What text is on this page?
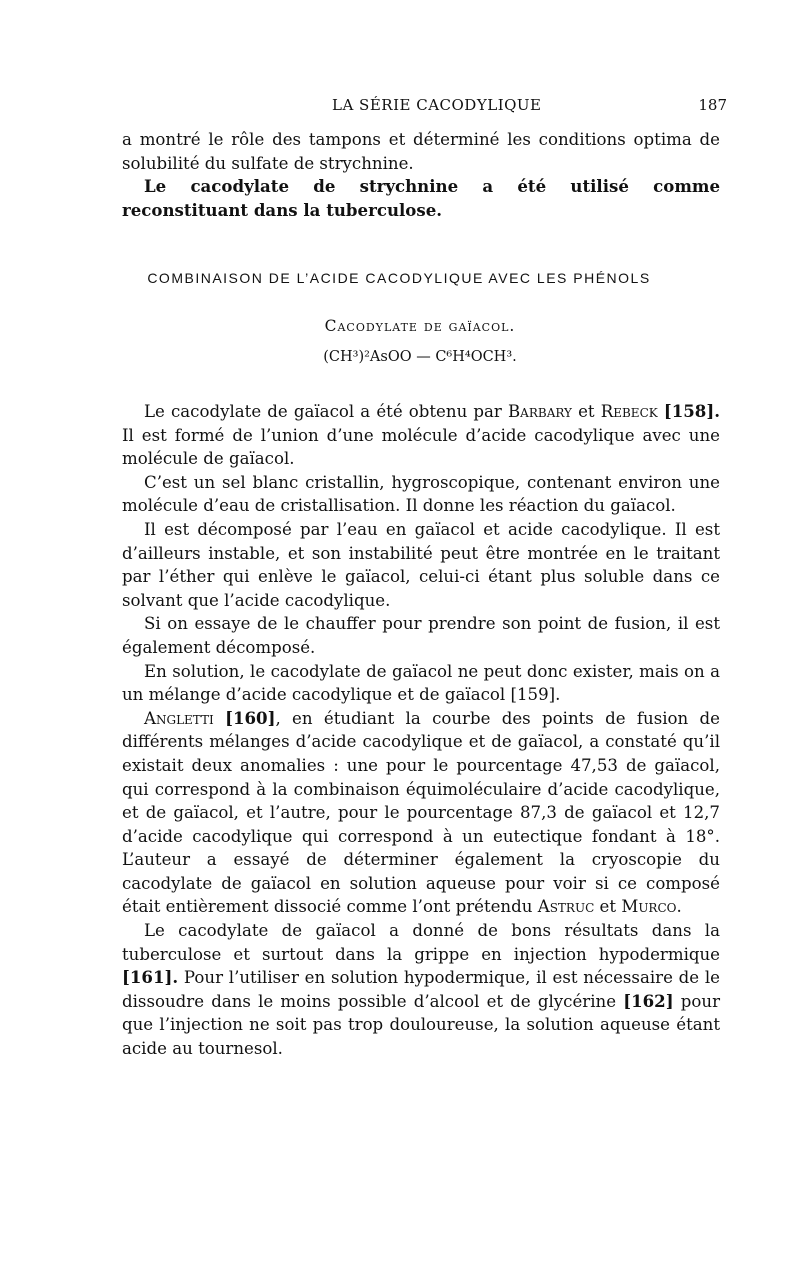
LA SÉRIE CACODYLIQUE	187

a montré le rôle des tampons et déterminé les conditions optima de solubilité du sulfate de strychnine.

Le cacodylate de strychnine a été utilisé comme reconstituant dans la tuberculose.

COMBINAISON DE L’ACIDE CACODYLIQUE AVEC LES PHÉNOLS
Cacodylate de gaïacol.
(CH³)²AsOO — C⁶H⁴OCH³.

Le cacodylate de gaïacol a été obtenu par Barbary et Rebeck [158]. Il est formé de l’union d’une molécule d’acide cacodylique avec une molécule de gaïacol.

C’est un sel blanc cristallin, hygroscopique, contenant environ une molécule d’eau de cristallisation. Il donne les réaction du gaïacol.

Il est décomposé par l’eau en gaïacol et acide cacodylique. Il est d’ailleurs instable, et son instabilité peut être montrée en le traitant par l’éther qui enlève le gaïacol, celui-ci étant plus soluble dans ce solvant que l’acide cacodylique.

Si on essaye de le chauffer pour prendre son point de fusion, il est également décomposé.

En solution, le cacodylate de gaïacol ne peut donc exister, mais on a un mélange d’acide cacodylique et de gaïacol [159].

Angletti [160], en étudiant la courbe des points de fusion de différents mélanges d’acide cacodylique et de gaïacol, a constaté qu’il existait deux anomalies : une pour le pourcentage 47,53 de gaïacol, qui correspond à la combinaison équimoléculaire d’acide cacodylique, et de gaïacol, et l’autre, pour le pourcentage 87,3 de gaïacol et 12,7 d’acide cacodylique qui correspond à un eutectique fondant à 18°. L’auteur a essayé de déterminer également la cryoscopie du cacodylate de gaïacol en solution aqueuse pour voir si ce composé était entièrement dissocié comme l’ont prétendu Astruc et Murco.

Le cacodylate de gaïacol a donné de bons résultats dans la tuberculose et surtout dans la grippe en injection hypodermique [161]. Pour l’utiliser en solution hypodermique, il est nécessaire de le dissoudre dans le moins possible d’alcool et de glycérine [162] pour que l’injection ne soit pas trop douloureuse, la solution aqueuse étant acide au tournesol.
